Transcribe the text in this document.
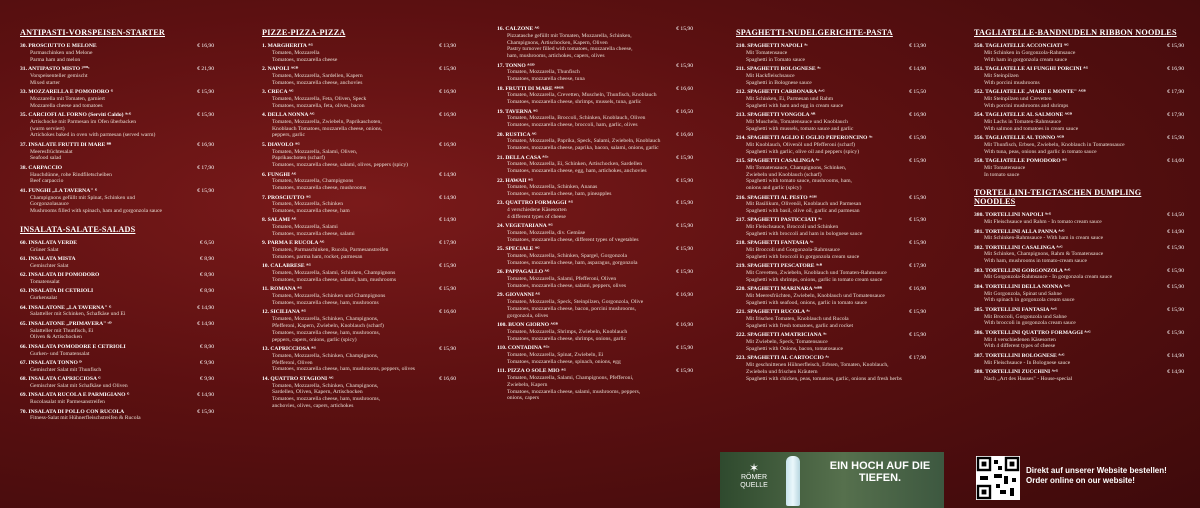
ANTIPASTI-VORSPEISEN-STARTER
30. PROSCIUTTO E MELONE	€ 16,90
Parmaschinken und Melone
Parma ham and melon
31. ANTIPASTO MISTO ²⁰⁰ᶜ	€ 21,90
Vorspeisenteller gemischt
Mixed starter
33. MOZZARELLA E POMODORO ᴳ	€ 15,90
Mozzarella mit Tomaten, garniert
Mozzarella cheese and tomatoes
35. CARCIOFI AL FORNO (Serviti Caldo) ᴬᶜᴳ	€ 15,90
Artischocke mit Parmesan im Ofen überbacken
(warm serviert)
Artichokes baked in oven with parmesan (served warm)
37. INSALATE FRUTTI DI MARE ᴮᴮ	€ 16,90
Meeresfrüchtesalat
Seafood salad
38. CARPACCIO	€ 17,90
Hauchdünne, rohe Rindfiletscheiben
Beef carpaccio
41. FUNGHI „LA TAVERNA" ᴳ	€ 15,90
Champignons gefüllt mit Spinat, Schinken und
Gorgonzolasauce
Mushrooms filled with spinach, ham and gorgonzola sauce
INSALATA-SALATE-SALADS
60. INSALATA VERDE	€ 6,50
Grüner Salat
61. INSALATA MISTA	€ 8,90
Gemischter Salat
62. INSALATA DI POMODORO	€ 8,90
Tomatensalat
63. INSALATA DI CETRIOLI	€ 8,90
Gurkensalat
64. INSALATONE „LA TAVERNA" ᴳ	€ 14,90
Salatteller mit Schinken, Schafkäse und Ei
65. INSALATONE „PRIMAVERA" ᶜᴰ	€ 14,90
Salatteller mit Thunfisch, Ei
Oliven & Artischocken
66. INSALATA POMODORE E CETRIOLI	€ 8,90
Gurken- und Tomatensalat
67. INSALATA TONNO ᴰ	€ 9,90
Gemischter Salat mit Thunfisch
68. INSALATA CAPRICCIOSA ᴳ	€ 9,90
Gemischter Salat mit Schafkäse und Oliven
69. INSALATA RUCOLA E PARMIGIANO ᴳ	€ 14,90
Rucolasalat mit Parmesanstreifen
70. INSALATA DI POLLO CON RUCOLA	€ 15,90
Fitness-Salat mit Hühnerfleischstreifen & Rucola
PIZZE-PIZZA-PIZZA
1. MARGHERITA ᴬᴳ	€ 13,90
Tomaten, Mozzarella
Tomatoes, mozzarella cheese
2. NAPOLI ᴬᴳᴰ	€ 15,90
Tomaten, Mozzarella, Sardellen, Kapern
Tomatoes, mozzarella cheese, anchovies
3. CRECA ᴬᴳ	€ 16,90
Tomaten, Mozzarella, Feta, Oliven, Speck
Tomatoes, mozzarella, feta, olives, bacon
4. DELLA NONNA ᴬᴳ	€ 16,90
Tomaten, Mozzarella, Zwiebeln, Paprikaschoten,
Knoblauch Tomatoes, mozzarella cheese, onions,
peppers, garlic
5. DIAVOLO ᴬᴳ	€ 16,90
Tomaten, Mozzarella, Salami, Oliven,
Paprikaschoten (scharf)
Tomatoes, mozzarella cheese, salami, olives, peppers (spicy)
6. FUNGHI ᴬᴳ	€ 14,90
Tomaten, Mozzarella, Champignons
Tomatoes, mozzarella cheese, mushrooms
7. PROSCIUTTO ᴬᴳ	€ 14,90
Tomaten, Mozzarella, Schinken
Tomatoes, mozzarella cheese, ham
8. SALAMI ᴬᴳ	€ 14,90
Tomaten, Mozzarella, Salami
Tomatoes, mozzarella cheese, salami
9. PARMA E RUCOLA ᴬᴳ	€ 17,90
Tomaten, Parmaschinken, Rucola, Parmesanstreifen
Tomatoes, parma ham, rocket, parmesan
10. CALABRESE ᴬᴳ	€ 15,90
Tomaten, Mozzarella, Salami, Schinken, Champignons
Tomatoes, mozzarella cheese, salami, ham, mushrooms
11. ROMANA ᴬᴳ	€ 15,90
Tomaten, Mozzarella, Schinken und Champignons
Tomatoes, mozzarella cheese, ham, mushrooms
12. SICILIANA ᴬᴳ	€ 16,60
Tomaten, Mozzarella, Schinken, Champignons,
Pfefferoni, Kapern, Zwiebeln, Knoblauch (scharf)
Tomatoes, mozzarella cheese, ham, mushrooms,
peppers, capers, onions, garlic (spicy)
13. CAPRICCIOSA ᴬᴳ	€ 15,90
Tomaten, Mozzarella, Schinken, Champignons,
Pfefferoni, Oliven
Tomatoes, mozzarella cheese, ham, mushrooms, peppers, olives
14. QUATTRO STAGIONI ᴬᴳ	€ 16,60
Tomaten, Mozzarella, Schinken, Champignons,
Sardellen, Oliven, Kapern, Artischocken
Tomatoes, mozzarella cheese, ham, mushrooms,
anchovies, olives, capers, artichokes
16. CALZONE ᴬᴳ	€ 15,90
Pizzatasche gefüllt mit Tomaten, Mozzarella, Schinken,
Champignons, Artischocken, Kapern, Oliven
Pastry turnover filled with tomatoes, mozzarella cheese,
ham, mushrooms, artichokes, capers, olives
17. TONNO ᴬᴳᴰ	€ 15,90
Tomaten, Mozzarella, Thunfisch
Tomatoes, mozzarella cheese, tuna
18. FRUTTI DI MARE ᴬᴮᴳᴿ	€ 16,60
Tomaten, Mozzarella, Crevetten, Muscheln, Thunfisch, Knoblauch
Tomatoes, mozzarella cheese, shrimps, mussels, tuna, garlic
19. TAVERNA ᴬᴳ	€ 16,50
Tomaten, Mozzarella, Broccoli, Schinken, Knoblauch, Oliven
Tomatoes, mozzarella cheese, broccoli, ham, garlic, olives
20. RUSTICA ᴬᴳ	€ 16,60
Tomaten, Mozzarella, Paprika, Speck, Salami, Zwiebeln, Knoblauch
Tomatoes, mozzarella cheese, paprika, bacon, salami, onions, garlic
21. DELLA CASA ᴬᴳᶜ	€ 15,90
Tomaten, Mozzarella, Ei, Schinken, Artischocken, Sardellen
Tomatoes, mozzarella cheese, egg, ham, artichokes, anchovies
22. HAWAII ᴬᴳ	€ 15,90
Tomaten, Mozzarella, Schinken, Ananas
Tomatoes, mozzarella cheese, ham, pineapples
23. QUATTRO FORMAGGI ᴬᴳ	€ 15,90
4 verschiedene Käsesorten
4 different types of cheese
24. VEGETARIANA ᴬᴳ	€ 15,90
Tomaten, Mozzarella, div. Gemüse
Tomatoes, mozzarella cheese, different types of vegetables
25. SPECIALE ᴬᴳ	€ 15,90
Tomaten, Mozzarella, Schinken, Spargel, Gorgonzola
Tomatoes, mozzarella cheese, ham, asparagus, gorgonzola
26. PAPPAGALLO ᴬᴳ	€ 15,90
Tomaten, Mozzarella, Salami, Pfefferoni, Oliven
Tomatoes, mozzarella cheese, salami, peppers, olives
29. GIOVANNI ᴬᴳ	€ 16,90
Tomaten, Mozzarella, Speck, Steinpilzen, Gorgonzola, Olive
Tomatoes, mozzarella cheese, bacon, porcini mushrooms,
gorgonzola, olives
100. BUON GIORNO ᴬᴳᴮ	€ 16,90
Tomaten, Mozzarella, Shrimps, Zwiebeln, Knoblauch
Tomatoes, mozzarella cheese, shrimps, onions, garlic
110. CONTADINA ᴬᴳᶜ	€ 15,90
Tomaten, Mozzarella, Spinat, Zwiebeln, Ei
Tomatoes, mozzarella cheese, spinach, onions, egg
111. PIZZA O SOLE MIO ᴬᴳ	€ 15,90
Tomaten, Mozzarella, Salami, Champignons, Pfefferoni,
Zwiebeln, Kapern
Tomatoes, mozzarella cheese, salami, mushrooms, peppers,
onions, capers
SPAGHETTI-NUDELGERICHTE-PASTA
210. SPAGHETTI NAPOLI ᴬᶜ	€ 13,90
Mit Tomatensauce
Spaghetti in Tomato sauce
211. SPAGHETTI BOLOGNESE ᴬᶜ	€ 14,90
Mit Hackfleischsauce
Spaghetti in Bolognese sauce
212. SPAGHETTI CARBONARA ᴬᶜᴳ	€ 15,50
Mit Schinken, Ei, Parmesan und Rahm
Spaghetti with ham and egg in cream sauce
213. SPAGHETTI VONGOLA ᴬᴿ	€ 16,90
Mit Muscheln, Tomatensauce und Knoblauch
Spaghetti with mussels, tomato sauce and garlic
214. SPAGHETTI AGLIO E OGLIO PEPERONCINO ᴬᶜ	€ 15,90
Mit Knoblauch, Olivenöl und Pfefferoni (scharf)
Spaghetti with garlic, olive oil and peppers (spicy)
215. SPAGHETTI CASALINGA ᴬᶜ	€ 15,90
Mit Tomatensauce, Champignons, Schinken,
Zwiebeln und Knoblauch (scharf)
Spaghetti with tomato sauce, mushrooms, ham,
onions and garlic (spicy)
216. SPAGHETTI AL PESTO ᴬᴳᴴ	€ 15,90
Mit Basilikum, Olivenöl, Knoblauch und Parmesan
Spaghetti with basil, olive oil, garlic and parmesan
217. SPAGHETTI PASTICCIATI ᴬᶜ	€ 15,90
Mit Fleischsauce, Broccoli und Schinken
Spaghetti with broccoli and ham in bolognese sauce
218. SPAGHETTI FANTASIA ᴬᶜ	€ 15,90
Mit Broccoli und Gorgonzola-Rahmsauce
Spaghetti with broccoli in gorgonzola cream sauce
219. SPAGHETTI PESCATORE ᴬᶜᴮ	€ 17,90
Mit Crevetten, Zwiebeln, Knoblauch und Tomaten-Rahmsauce
Spaghetti with shrimps, onions, garlic in tomato cream sauce
220. SPAGHETTI MARINARA ᴬᶜᴮᴿ	€ 16,90
Mit Meeresfrüchten, Zwiebeln, Knoblauch und Tomatensauce
Spaghetti with seafood, onions, garlic in tomato sauce
221. SPAGHETTI RUCOLA ᴬᶜ	€ 15,90
Mit frischen Tomaten, Knoblauch und Rucola
Spaghetti with fresh tomatoes, garlic and rocket
222. SPAGHETTI AMATRICIANA ᴬᶜ	€ 15,90
Mit Zwiebeln, Speck, Tomatensauce
Spaghetti with Onions, bacon, tomatosauce
223. SPAGHETTI AL CARTOCCIO ᴬᶜ	€ 17,90
Mit geschnittenen Hühnerfleisch, Erbsen, Tomaten, Knoblauch,
Zwiebeln und frischen Kräutern
Spaghetti with chicken, peas, tomatoes, garlic, onions and fresh herbs
TAGLIATELLE-BANDNUDELN RIBBON NOODLES
350. TAGLIATELLE ACCONCIATI ᴬᴳ	€ 15,90
Mit Schinken in Gorgonzola-Rahmsauce
With ham in gorgonzola cream sauce
351. TAGLIATELLE AI FUNGHI PORCINI ᴬᴳ	€ 16,90
Mit Steinpilzen
With porcini mushrooms
352. TAGLIATELLE „MARE E MONTE" ᴬᴳᴮ	€ 17,90
Mit Steinpilzen und Crevetten
With porcini mushrooms and shrimps
354. TAGLIATELLE AL SALMONE ᴬᴳᴰ	€ 17,90
Mit Lachs in Tomaten-Rahmsauce
With salmon and tomatoes in cream sauce
356. TAGLIATELLE AL TONNO ᴬᴳᴰ	€ 15,90
Mit Thunfisch, Erbsen, Zwiebeln, Knoblauch in Tomatensauce
With tuna, peas, onions and garlic in tomato sauce
358. TAGLIATELLE POMODORO ᴬᴳ	€ 14,60
Mit Tomatensauce
In tomato sauce
TORTELLINI-TEIGTASCHEN DUMPLING NOODLES
380. TORTELLINI NAPOLI ᴬᶜᴳ	€ 14,50
Mit Fleischsauce und Rahm - In tomato cream sauce
381. TORTELLINI ALLA PANNA ᴬᶜᴳ	€ 14,90
Mit Schinken-Rahmsauce - With ham in cream sauce
382. TORTELLINI CASALINGA ᴬᶜᴳ	€ 15,90
Mit Schinken, Champignons, Rahm & Tomatensauce
With ham, mushrooms in tomato-cream sauce
383. TORTELLINI GORGONZOLA ᴬᶜᴳ	€ 15,90
Mit Gorgonzola-Rahmsauce - In gorgonzola cream sauce
384. TORTELLINI DELLA NONNA ᴬᶜᴳ	€ 15,90
Mit Gorgonzola, Spinat und Sahne
With spinach in gorgonzola cream sauce
385. TORTELLINI FANTASIA ᴬᶜᴳ	€ 15,90
Mit Broccoli, Gorgonzola und Sahne
With broccoli in gorgonzola cream sauce
386. TORTELLINI QUATTRO FORMAGGI ᴬᶜᴳ	€ 15,90
Mit 4 verschiedenen Käsesorten
With 4 different types of cheese
387. TORTELLINI BOLOGNESE ᴬᶜᴳ	€ 14,90
Mit Fleischsauce - In Bolognese sauce
388. TORTELLINI ZUCCHINI ᴬᶜᴳ	€ 14,90
Nach „Art des Hauses" - House-special
✶
RÖMER QUELLE
EIN HOCH AUF DIE TIEFEN.
Direkt auf unserer Website bestellen!
Order online on our website!
